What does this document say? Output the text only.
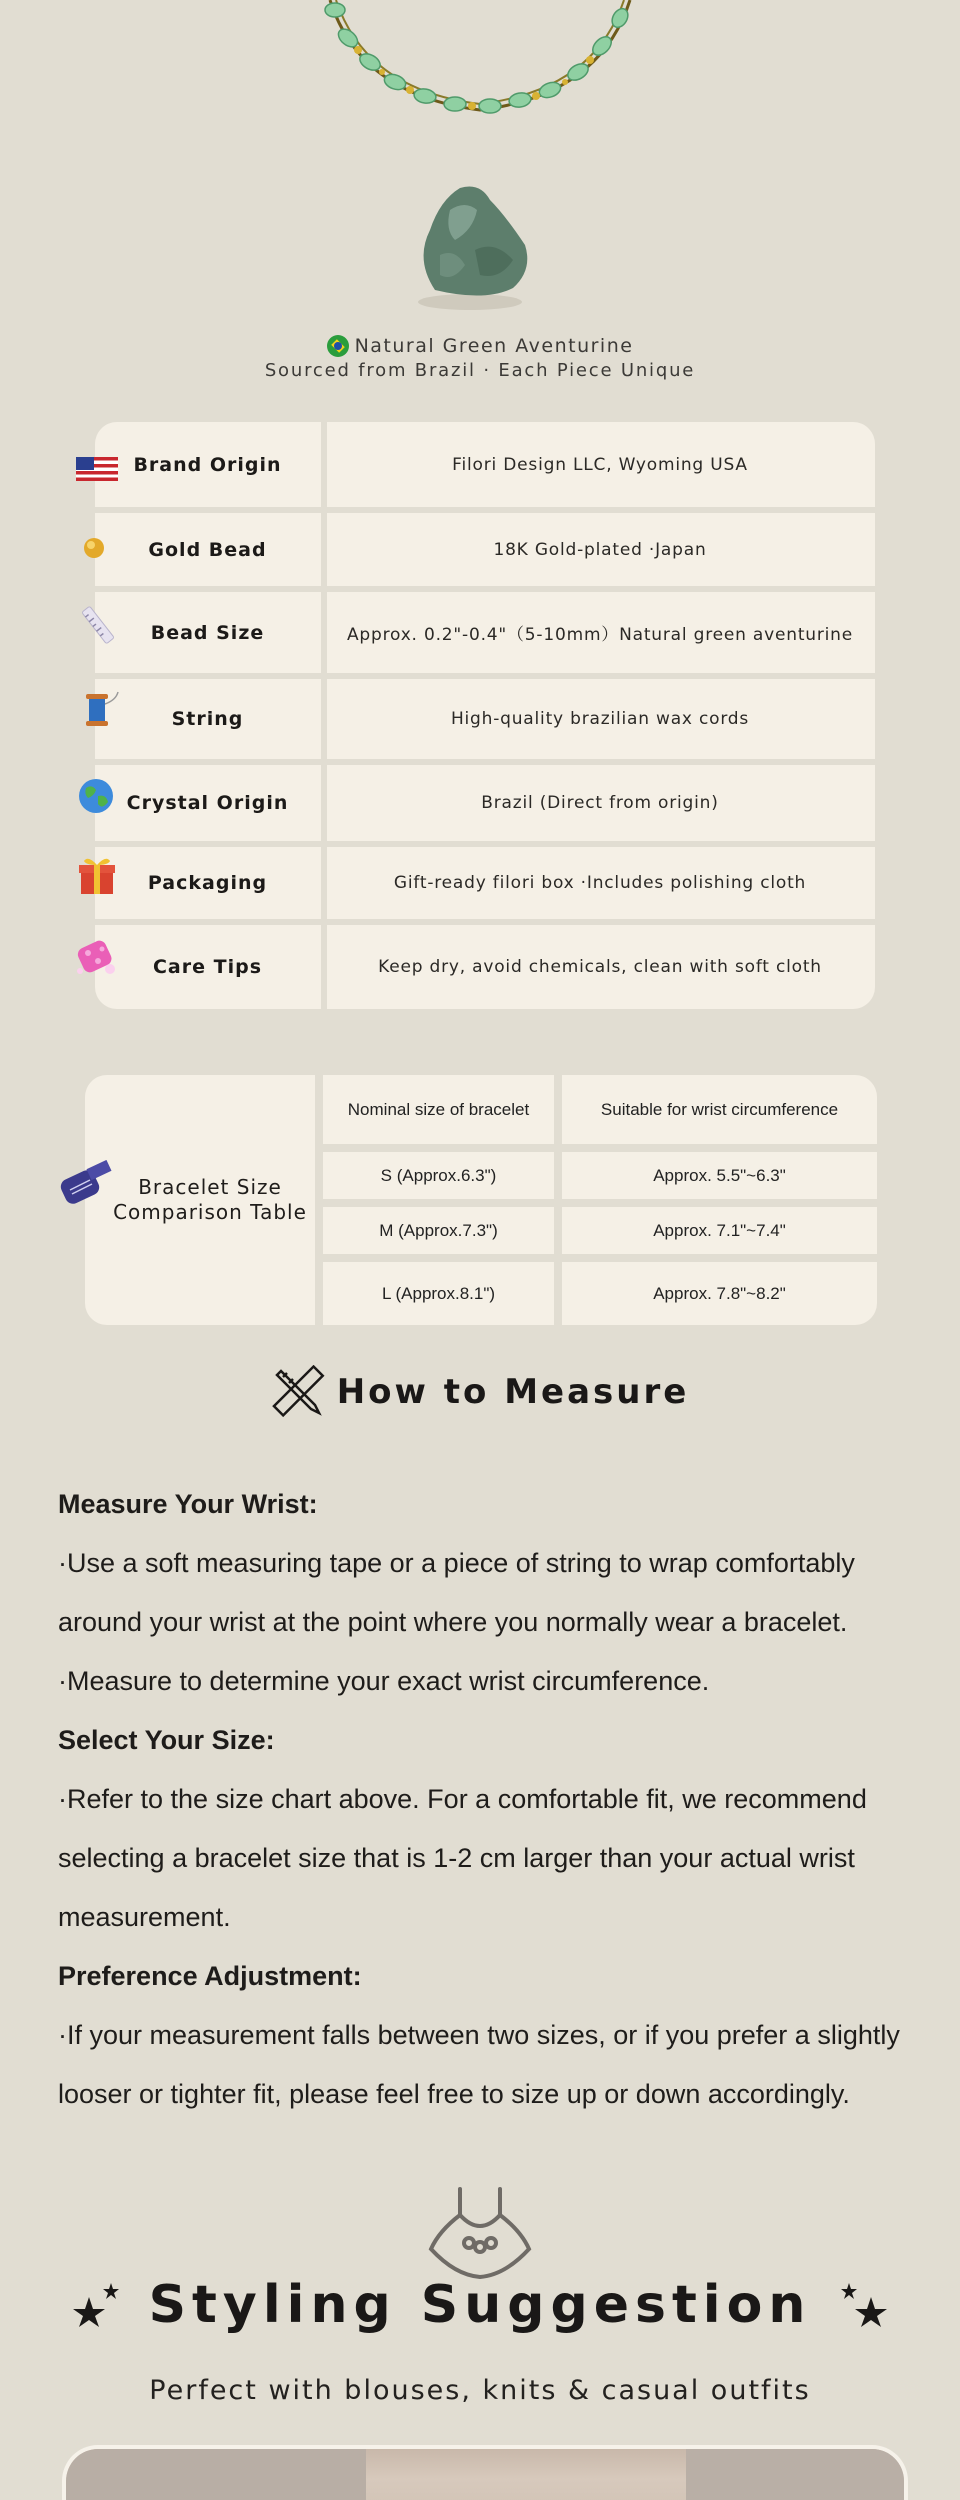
Natural Green Aventurine
Sourced from Brazil · Each Piece Unique
Brand Origin	Filori Design LLC, Wyoming USA
Gold Bead	18K Gold-plated ·Japan
Bead Size	Approx. 0.2"-0.4"（5-10mm）Natural green aventurine
String	High-quality brazilian wax cords
Crystal Origin	Brazil (Direct from origin)
Packaging	Gift-ready filori box ·Includes polishing cloth
Care Tips	Keep dry, avoid chemicals, clean with soft cloth
Bracelet Size
Comparison Table
Nominal size of bracelet	Suitable for wrist circumference
S (Approx.6.3")	Approx. 5.5"~6.3"
M (Approx.7.3")	Approx. 7.1"~7.4"
L (Approx.8.1")	Approx. 7.8"~8.2"
How to Measure
Measure Your Wrist:
·Use a soft measuring tape or a piece of string to wrap comfortably
around your wrist at the point where you normally wear a bracelet.
·Measure to determine your exact wrist circumference.
Select Your Size:
·Refer to the size chart above. For a comfortable fit, we recommend
selecting a bracelet size that is 1-2 cm larger than your actual wrist
measurement.
Preference Adjustment:
·If your measurement falls between two sizes, or if you prefer a slightly
looser or tighter fit, please feel free to size up or down accordingly.
Styling Suggestion
Perfect with blouses, knits & casual outfits
